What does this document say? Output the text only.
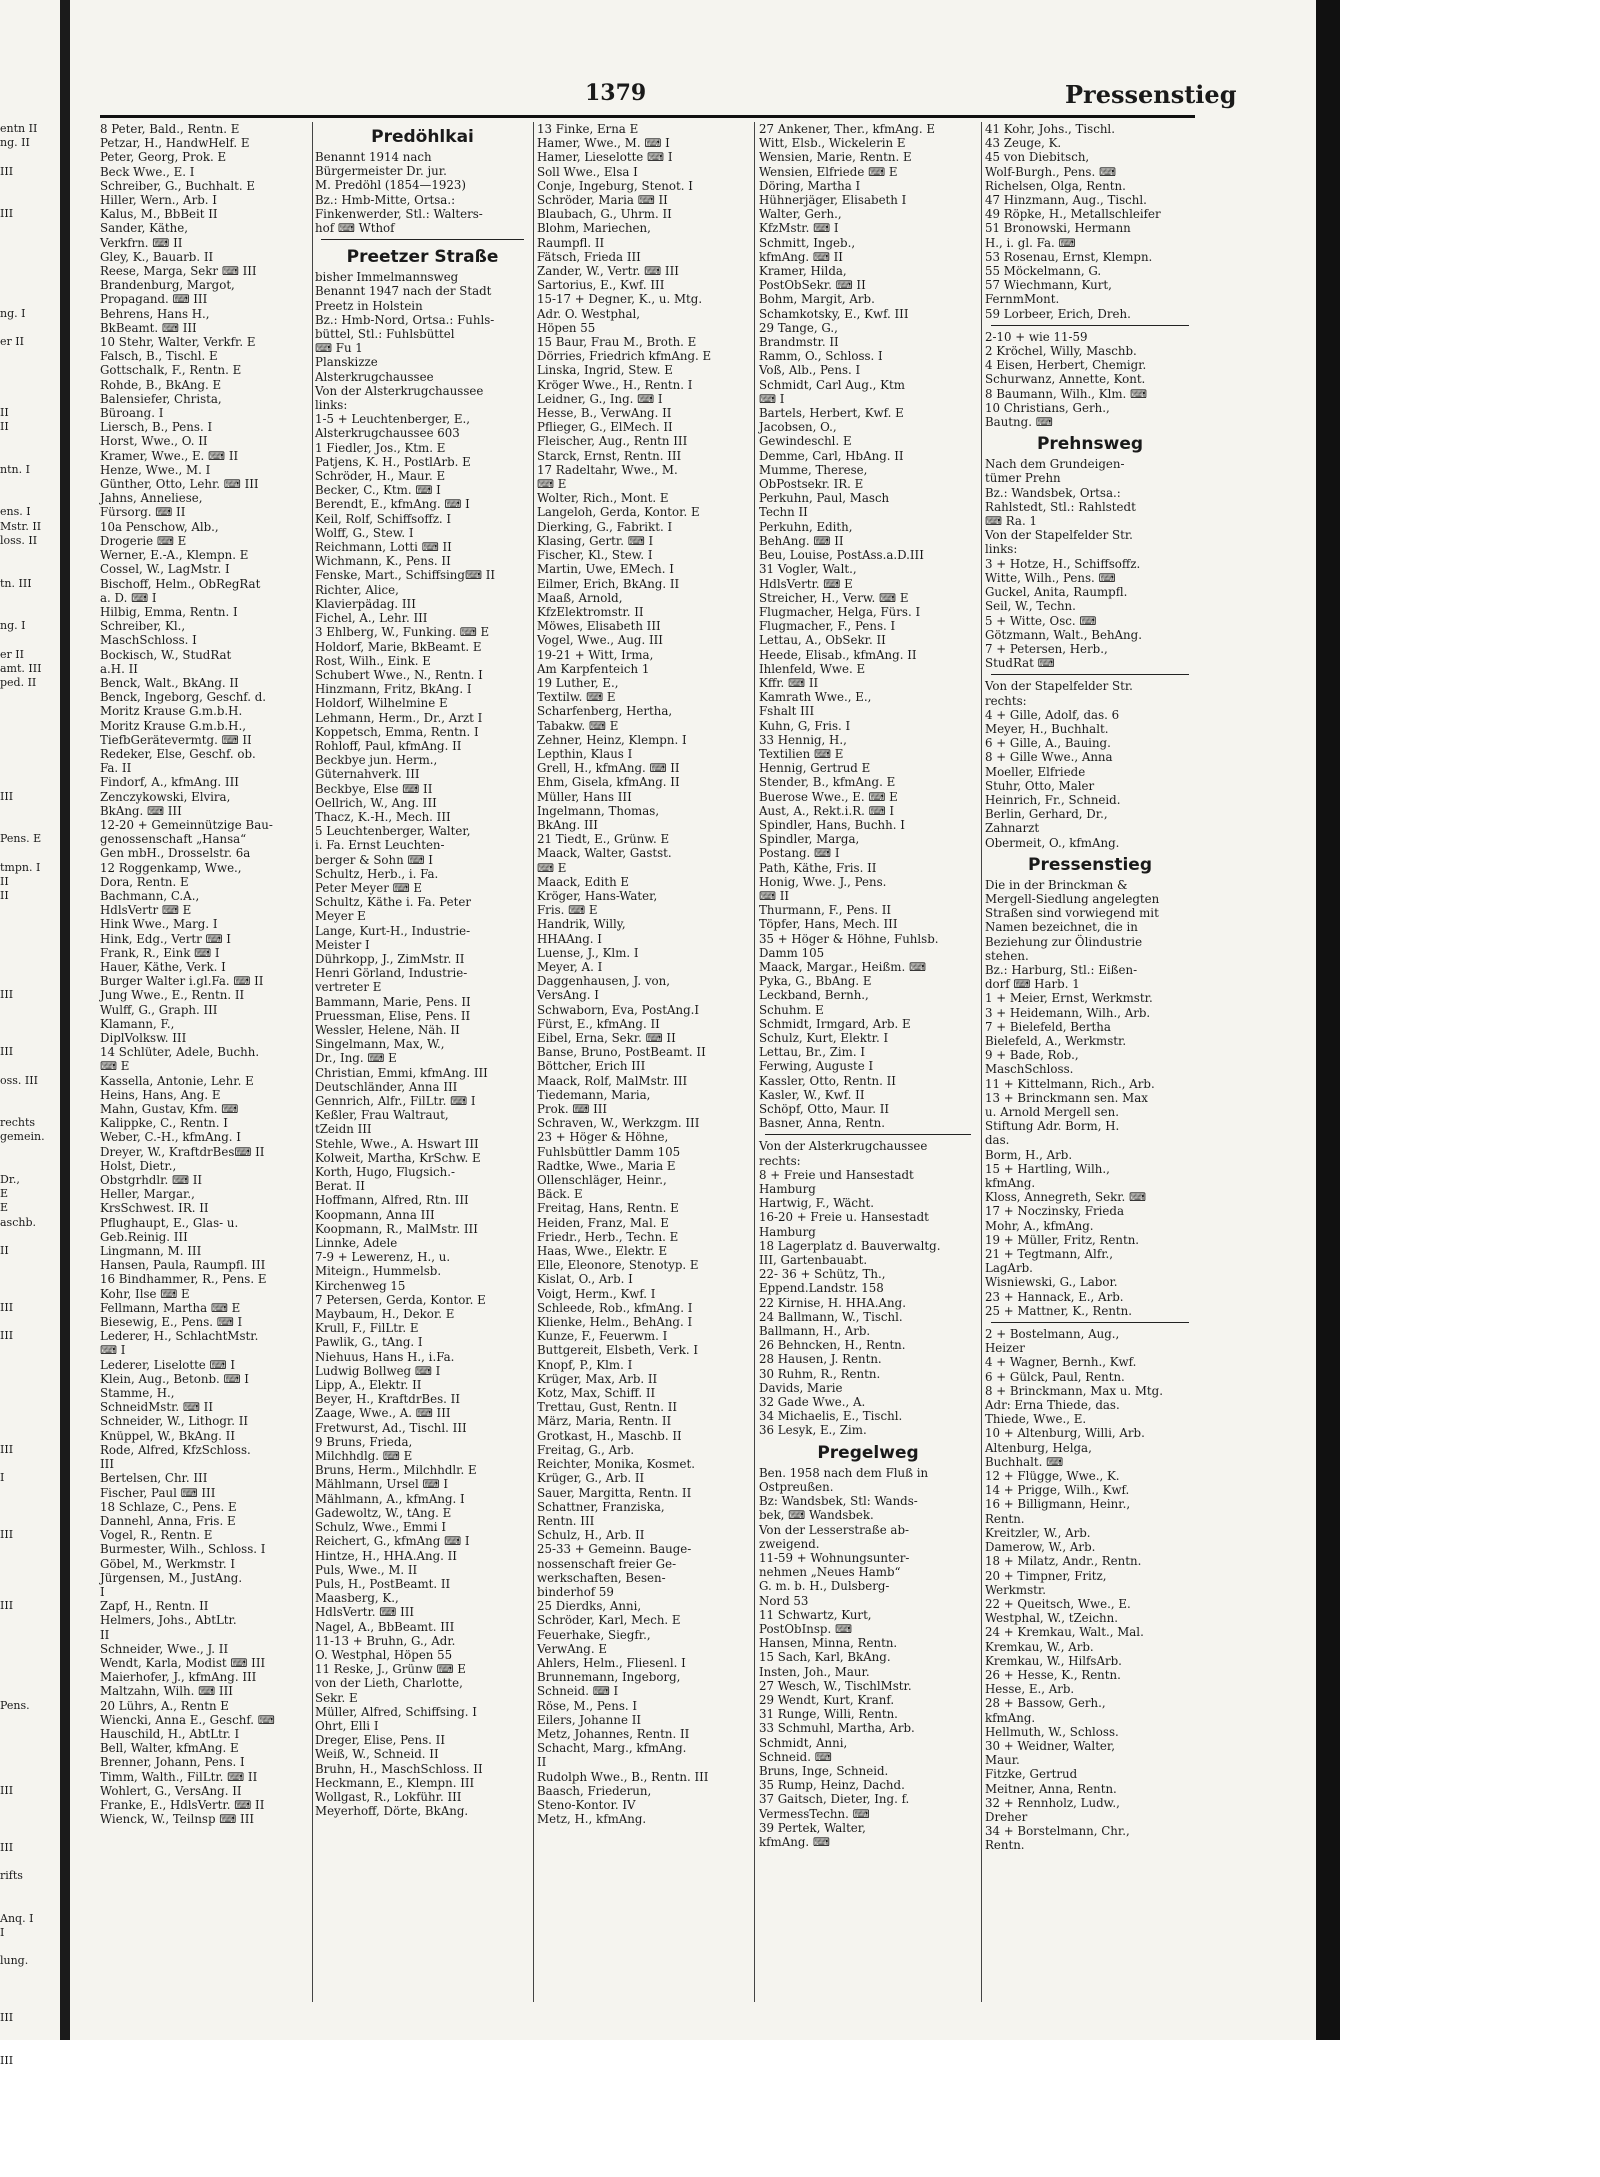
1379	Pressenstieg

entn II

ng. II

III

III

ng. I

er II

II

II

ntn. I

ens. I

Mstr. II

loss. II

tn. III

ng. I

er II

amt. III

ped. II

III

Pens. E

tmpn. I

II

II

III

III

oss. III

rechts

gemein.

Dr.,

E

E

aschb.

II

III

III

III

I

III

III

Pens.

III

III

rifts

Anq. I

I

lung.

III

III

8 Peter, Bald., Rentn. E

Petzar, H., HandwHelf. E

Peter, Georg, Prok. E

Beck Wwe., E. I

Schreiber, G., Buchhalt. E

Hiller, Wern., Arb. I

Kalus, M., BbBeit II

Sander, Käthe,

Verkfrn. ⌨ II

Gley, K., Bauarb. II

Reese, Marga, Sekr ⌨ III

Brandenburg, Margot,

Propagand. ⌨ III

Behrens, Hans H.,

BkBeamt. ⌨ III

10 Stehr, Walter, Verkfr. E

Falsch, B., Tischl. E

Gottschalk, F., Rentn. E

Rohde, B., BkAng. E

Balensiefer, Christa,

Büroang. I

Liersch, B., Pens. I

Horst, Wwe., O. II

Kramer, Wwe., E. ⌨ II

Henze, Wwe., M. I

Günther, Otto, Lehr. ⌨ III

Jahns, Anneliese,

Fürsorg. ⌨ II

10a Penschow, Alb.,

Drogerie ⌨ E

Werner, E.-A., Klempn. E

Cossel, W., LagMstr. I

Bischoff, Helm., ObRegRat

a. D. ⌨ I

Hilbig, Emma, Rentn. I

Schreiber, Kl.,

MaschSchloss. I

Bockisch, W., StudRat

a.H. II

Benck, Walt., BkAng. II

Benck, Ingeborg, Geschf. d.

Moritz Krause G.m.b.H.

Moritz Krause G.m.b.H.,

TiefbGerätevermtg. ⌨ II

Redeker, Else, Geschf. ob.

Fa. II

Findorf, A., kfmAng. III

Zenczykowski, Elvira,

BkAng. ⌨ III

12-20 + Gemeinnützige Bau-

genossenschaft „Hansa“

Gen mbH., Drosselstr. 6a

12 Roggenkamp, Wwe.,

Dora, Rentn. E

Bachmann, C.A.,

HdlsVertr ⌨ E

Hink Wwe., Marg. I

Hink, Edg., Vertr ⌨ I

Frank, R., Eink ⌨ I

Hauer, Käthe, Verk. I

Burger Walter i.gl.Fa. ⌨ II

Jung Wwe., E., Rentn. II

Wulff, G., Graph. III

Klamann, F.,

DiplVolksw. III

14 Schlüter, Adele, Buchh.

⌨ E

Kassella, Antonie, Lehr. E

Heins, Hans, Ang. E

Mahn, Gustav, Kfm. ⌨

Kalippke, C., Rentn. I

Weber, C.-H., kfmAng. I

Dreyer, W., KraftdrBes⌨ II

Holst, Dietr.,

Obstgrhdlr. ⌨ II

Heller, Margar.,

KrsSchwest. IR. II

Pflughaupt, E., Glas- u.

Geb.Reinig. III

Lingmann, M. III

Hansen, Paula, Raumpfl. III

16 Bindhammer, R., Pens. E

Kohr, Ilse ⌨ E

Fellmann, Martha ⌨ E

Biesewig, E., Pens. ⌨ I

Lederer, H., SchlachtMstr.

⌨ I

Lederer, Liselotte ⌨ I

Klein, Aug., Betonb. ⌨ I

Stamme, H.,

SchneidMstr. ⌨ II

Schneider, W., Lithogr. II

Knüppel, W., BkAng. II

Rode, Alfred, KfzSchloss.

III

Bertelsen, Chr. III

Fischer, Paul ⌨ III

18 Schlaze, C., Pens. E

Dannehl, Anna, Fris. E

Vogel, R., Rentn. E

Burmester, Wilh., Schloss. I

Göbel, M., Werkmstr. I

Jürgensen, M., JustAng.

I

Zapf, H., Rentn. II

Helmers, Johs., AbtLtr.

II

Schneider, Wwe., J. II

Wendt, Karla, Modist ⌨ III

Maierhofer, J., kfmAng. III

Maltzahn, Wilh. ⌨ III

20 Lührs, A., Rentn E

Wiencki, Anna E., Geschf. ⌨

Hauschild, H., AbtLtr. I

Bell, Walter, kfmAng. E

Brenner, Johann, Pens. I

Timm, Walth., FilLtr. ⌨ II

Wohlert, G., VersAng. II

Franke, E., HdlsVertr. ⌨ II

Wienck, W., Teilnsp ⌨ III

Predöhlkai

Benannt 1914 nach

Bürgermeister Dr. jur.

M. Predöhl (1854—1923)

Bz.: Hmb-Mitte, Ortsa.:

Finkenwerder, Stl.: Walters-

hof ⌨ Wthof

Preetzer Straße

bisher Immelmannsweg

Benannt 1947 nach der Stadt

Preetz in Holstein

Bz.: Hmb-Nord, Ortsa.: Fuhls-

büttel, Stl.: Fuhlsbüttel

⌨ Fu 1

Planskizze

Alsterkrugchaussee

Von der Alsterkrugchaussee

links:

1-5 + Leuchtenberger, E.,

Alsterkrugchaussee 603

1 Fiedler, Jos., Ktm. E

Patjens, K. H., PostlArb. E

Schröder, H., Maur. E

Becker, C., Ktm. ⌨ I

Berendt, E., kfmAng. ⌨ I

Keil, Rolf, Schiffsoffz. I

Wolff, G., Stew. I

Reichmann, Lotti ⌨ II

Wichmann, K., Pens. II

Fenske, Mart., Schiffsing⌨ II

Richter, Alice,

Klavierpädag. III

Fichel, A., Lehr. III

3 Ehlberg, W., Funking. ⌨ E

Holdorf, Marie, BkBeamt. E

Rost, Wilh., Eink. E

Schubert Wwe., N., Rentn. I

Hinzmann, Fritz, BkAng. I

Holdorf, Wilhelmine E

Lehmann, Herm., Dr., Arzt I

Koppetsch, Emma, Rentn. I

Rohloff, Paul, kfmAng. II

Beckbye jun. Herm.,

Güternahverk. III

Beckbye, Else ⌨ II

Oellrich, W., Ang. III

Thacz, K.-H., Mech. III

5 Leuchtenberger, Walter,

i. Fa. Ernst Leuchten-

berger & Sohn ⌨ I

Schultz, Herb., i. Fa.

Peter Meyer ⌨ E

Schultz, Käthe i. Fa. Peter

Meyer E

Lange, Kurt-H., Industrie-

Meister I

Dührkopp, J., ZimMstr. II

Henri Görland, Industrie-

vertreter E

Bammann, Marie, Pens. II

Pruessman, Elise, Pens. II

Wessler, Helene, Näh. II

Singelmann, Max, W.,

Dr., Ing. ⌨ E

Christian, Emmi, kfmAng. III

Deutschländer, Anna III

Gennrich, Alfr., FilLtr. ⌨ I

Keßler, Frau Waltraut,

tZeidn III

Stehle, Wwe., A. Hswart III

Kolweit, Martha, KrSchw. E

Korth, Hugo, Flugsich.-

Berat. II

Hoffmann, Alfred, Rtn. III

Koopmann, Anna III

Koopmann, R., MalMstr. III

Linnke, Adele

7-9 + Lewerenz, H., u.

Miteign., Hummelsb.

Kirchenweg 15

7 Petersen, Gerda, Kontor. E

Maybaum, H., Dekor. E

Krull, F., FilLtr. E

Pawlik, G., tAng. I

Niehuus, Hans H., i.Fa.

Ludwig Bollweg ⌨ I

Lipp, A., Elektr. II

Beyer, H., KraftdrBes. II

Zaage, Wwe., A. ⌨ III

Fretwurst, Ad., Tischl. III

9 Bruns, Frieda,

Milchhdlg. ⌨ E

Bruns, Herm., Milchhdlr. E

Mählmann, Ursel ⌨ I

Mählmann, A., kfmAng. I

Gadewoltz, W., tAng. E

Schulz, Wwe., Emmi I

Reichert, G., kfmAng ⌨ I

Hintze, H., HHA.Ang. II

Puls, Wwe., M. II

Puls, H., PostBeamt. II

Maasberg, K.,

HdlsVertr. ⌨ III

Nagel, A., BbBeamt. III

11-13 + Bruhn, G., Adr.

O. Westphal, Höpen 55

11 Reske, J., Grünw ⌨ E

von der Lieth, Charlotte,

Sekr. E

Müller, Alfred, Schiffsing. I

Ohrt, Elli I

Dreger, Elise, Pens. II

Weiß, W., Schneid. II

Bruhn, H., MaschSchloss. II

Heckmann, E., Klempn. III

Wollgast, R., Lokführ. III

Meyerhoff, Dörte, BkAng.

13 Finke, Erna E

Hamer, Wwe., M. ⌨ I

Hamer, Lieselotte ⌨ I

Soll Wwe., Elsa I

Conje, Ingeburg, Stenot. I

Schröder, Maria ⌨ II

Blaubach, G., Uhrm. II

Blohm, Mariechen,

Raumpfl. II

Fätsch, Frieda III

Zander, W., Vertr. ⌨ III

Sartorius, E., Kwf. III

15-17 + Degner, K., u. Mtg.

Adr. O. Westphal,

Höpen 55

15 Baur, Frau M., Broth. E

Dörries, Friedrich kfmAng. E

Linska, Ingrid, Stew. E

Kröger Wwe., H., Rentn. I

Leidner, G., Ing. ⌨ I

Hesse, B., VerwAng. II

Pflieger, G., ElMech. II

Fleischer, Aug., Rentn III

Starck, Ernst, Rentn. III

17 Radeltahr, Wwe., M.

⌨ E

Wolter, Rich., Mont. E

Langeloh, Gerda, Kontor. E

Dierking, G., Fabrikt. I

Klasing, Gertr. ⌨ I

Fischer, Kl., Stew. I

Martin, Uwe, EMech. I

Eilmer, Erich, BkAng. II

Maaß, Arnold,

KfzElektromstr. II

Möwes, Elisabeth III

Vogel, Wwe., Aug. III

19-21 + Witt, Irma,

Am Karpfenteich 1

19 Luther, E.,

Textilw. ⌨ E

Scharfenberg, Hertha,

Tabakw. ⌨ E

Zehner, Heinz, Klempn. I

Lepthin, Klaus I

Grell, H., kfmAng. ⌨ II

Ehm, Gisela, kfmAng. II

Müller, Hans III

Ingelmann, Thomas,

BkAng. III

21 Tiedt, E., Grünw. E

Maack, Walter, Gastst.

⌨ E

Maack, Edith E

Kröger, Hans-Water,

Fris. ⌨ E

Handrik, Willy,

HHAAng. I

Luense, J., Klm. I

Meyer, A. I

Daggenhausen, J. von,

VersAng. I

Schwaborn, Eva, PostAng.I

Fürst, E., kfmAng. II

Eibel, Erna, Sekr. ⌨ II

Banse, Bruno, PostBeamt. II

Böttcher, Erich III

Maack, Rolf, MalMstr. III

Tiedemann, Maria,

Prok. ⌨ III

Schraven, W., Werkzgm. III

23 + Höger & Höhne,

Fuhlsbüttler Damm 105

Radtke, Wwe., Maria E

Ollenschläger, Heinr.,

Bäck. E

Freitag, Hans, Rentn. E

Heiden, Franz, Mal. E

Friedr., Herb., Techn. E

Haas, Wwe., Elektr. E

Elle, Eleonore, Stenotyp. E

Kislat, O., Arb. I

Voigt, Herm., Kwf. I

Schleede, Rob., kfmAng. I

Klienke, Helm., BehAng. I

Kunze, F., Feuerwm. I

Buttgereit, Elsbeth, Verk. I

Knopf, P., Klm. I

Krüger, Max, Arb. II

Kotz, Max, Schiff. II

Trettau, Gust, Rentn. II

März, Maria, Rentn. II

Grotkast, H., Maschb. II

Freitag, G., Arb.

Reichter, Monika, Kosmet.

Krüger, G., Arb. II

Sauer, Margitta, Rentn. II

Schattner, Franziska,

Rentn. III

Schulz, H., Arb. II

25-33 + Gemeinn. Bauge-

nossenschaft freier Ge-

werkschaften, Besen-

binderhof 59

25 Dierdks, Anni,

Schröder, Karl, Mech. E

Feuerhake, Siegfr.,

VerwAng. E

Ahlers, Helm., Fliesenl. I

Brunnemann, Ingeborg,

Schneid. ⌨ I

Röse, M., Pens. I

Eilers, Johanne II

Metz, Johannes, Rentn. II

Schacht, Marg., kfmAng.

II

Rudolph Wwe., B., Rentn. III

Baasch, Friederun,

Steno-Kontor. IV

Metz, H., kfmAng.

27 Ankener, Ther., kfmAng. E

Witt, Elsb., Wickelerin E

Wensien, Marie, Rentn. E

Wensien, Elfriede ⌨ E

Döring, Martha I

Hühnerjäger, Elisabeth I

Walter, Gerh.,

KfzMstr. ⌨ I

Schmitt, Ingeb.,

kfmAng. ⌨ II

Kramer, Hilda,

PostObSekr. ⌨ II

Bohm, Margit, Arb.

Schamkotsky, E., Kwf. III

29 Tange, G.,

Brandmstr. II

Ramm, O., Schloss. I

Voß, Alb., Pens. I

Schmidt, Carl Aug., Ktm

⌨ I

Bartels, Herbert, Kwf. E

Jacobsen, O.,

Gewindeschl. E

Demme, Carl, HbAng. II

Mumme, Therese,

ObPostsekr. IR. E

Perkuhn, Paul, Masch

Techn II

Perkuhn, Edith,

BehAng. ⌨ II

Beu, Louise, PostAss.a.D.III

31 Vogler, Walt.,

HdlsVertr. ⌨ E

Streicher, H., Verw. ⌨ E

Flugmacher, Helga, Fürs. I

Flugmacher, F., Pens. I

Lettau, A., ObSekr. II

Heede, Elisab., kfmAng. II

Ihlenfeld, Wwe. E

Kffr. ⌨ II

Kamrath Wwe., E.,

Fshalt III

Kuhn, G, Fris. I

33 Hennig, H.,

Textilien ⌨ E

Hennig, Gertrud E

Stender, B., kfmAng. E

Buerose Wwe., E. ⌨ E

Aust, A., Rekt.i.R. ⌨ I

Spindler, Hans, Buchh. I

Spindler, Marga,

Postang. ⌨ I

Path, Käthe, Fris. II

Honig, Wwe. J., Pens.

⌨ II

Thurmann, F., Pens. II

Töpfer, Hans, Mech. III

35 + Höger & Höhne, Fuhlsb.

Damm 105

Maack, Margar., Heißm. ⌨

Pyka, G., BbAng. E

Leckband, Bernh.,

Schuhm. E

Schmidt, Irmgard, Arb. E

Schulz, Kurt, Elektr. I

Lettau, Br., Zim. I

Ferwing, Auguste I

Kassler, Otto, Rentn. II

Kasler, W., Kwf. II

Schöpf, Otto, Maur. II

Basner, Anna, Rentn.

Von der Alsterkrugchaussee

rechts:

8 + Freie und Hansestadt

Hamburg

Hartwig, F., Wächt.

16-20 + Freie u. Hansestadt

Hamburg

18 Lagerplatz d. Bauverwaltg.

III, Gartenbauabt.

22- 36 + Schütz, Th.,

Eppend.Landstr. 158

22 Kirnise, H. HHA.Ang.

24 Ballmann, W., Tischl.

Ballmann, H., Arb.

26 Behncken, H., Rentn.

28 Hausen, J. Rentn.

30 Ruhm, R., Rentn.

Davids, Marie

32 Gade Wwe., A.

34 Michaelis, E., Tischl.

36 Lesyk, E., Zim.

Pregelweg

Ben. 1958 nach dem Fluß in

Ostpreußen.

Bz: Wandsbek, Stl: Wands-

bek, ⌨ Wandsbek.

Von der Lesserstraße ab-

zweigend.

11-59 + Wohnungsunter-

nehmen „Neues Hamb“

G. m. b. H., Dulsberg-

Nord 53

11 Schwartz, Kurt,

PostObInsp. ⌨

Hansen, Minna, Rentn.

15 Sach, Karl, BkAng.

Insten, Joh., Maur.

27 Wesch, W., TischlMstr.

29 Wendt, Kurt, Kranf.

31 Runge, Willi, Rentn.

33 Schmuhl, Martha, Arb.

Schmidt, Anni,

Schneid. ⌨

Bruns, Inge, Schneid.

35 Rump, Heinz, Dachd.

37 Gaitsch, Dieter, Ing. f.

VermessTechn. ⌨

39 Pertek, Walter,

kfmAng. ⌨

41 Kohr, Johs., Tischl.

43 Zeuge, K.

45 von Diebitsch,

Wolf-Burgh., Pens. ⌨

Richelsen, Olga, Rentn.

47 Hinzmann, Aug., Tischl.

49 Röpke, H., Metallschleifer

51 Bronowski, Hermann

H., i. gl. Fa. ⌨

53 Rosenau, Ernst, Klempn.

55 Möckelmann, G.

57 Wiechmann, Kurt,

FernmMont.

59 Lorbeer, Erich, Dreh.

2-10 + wie 11-59

2 Kröchel, Willy, Maschb.

4 Eisen, Herbert, Chemigr.

Schurwanz, Annette, Kont.

8 Baumann, Wilh., Klm. ⌨

10 Christians, Gerh.,

Bautng. ⌨

Prehnsweg

Nach dem Grundeigen-

tümer Prehn

Bz.: Wandsbek, Ortsa.:

Rahlstedt, Stl.: Rahlstedt

⌨ Ra. 1

Von der Stapelfelder Str.

links:

3 + Hotze, H., Schiffsoffz.

Witte, Wilh., Pens. ⌨

Guckel, Anita, Raumpfl.

Seil, W., Techn.

5 + Witte, Osc. ⌨

Götzmann, Walt., BehAng.

7 + Petersen, Herb.,

StudRat ⌨

Von der Stapelfelder Str.

rechts:

4 + Gille, Adolf, das. 6

Meyer, H., Buchhalt.

6 + Gille, A., Bauing.

8 + Gille Wwe., Anna

Moeller, Elfriede

Stuhr, Otto, Maler

Heinrich, Fr., Schneid.

Berlin, Gerhard, Dr.,

Zahnarzt

Obermeit, O., kfmAng.

Pressenstieg

Die in der Brinckman &

Mergell-Siedlung angelegten

Straßen sind vorwiegend mit

Namen bezeichnet, die in

Beziehung zur Ölindustrie

stehen.

Bz.: Harburg, Stl.: Eißen-

dorf ⌨ Harb. 1

1 + Meier, Ernst, Werkmstr.

3 + Heidemann, Wilh., Arb.

7 + Bielefeld, Bertha

Bielefeld, A., Werkmstr.

9 + Bade, Rob.,

MaschSchloss.

11 + Kittelmann, Rich., Arb.

13 + Brinckmann sen. Max

u. Arnold Mergell sen.

Stiftung Adr. Borm, H.

das.

Borm, H., Arb.

15 + Hartling, Wilh.,

kfmAng.

Kloss, Annegreth, Sekr. ⌨

17 + Noczinsky, Frieda

Mohr, A., kfmAng.

19 + Müller, Fritz, Rentn.

21 + Tegtmann, Alfr.,

LagArb.

Wisniewski, G., Labor.

23 + Hannack, E., Arb.

25 + Mattner, K., Rentn.

2 + Bostelmann, Aug.,

Heizer

4 + Wagner, Bernh., Kwf.

6 + Gülck, Paul, Rentn.

8 + Brinckmann, Max u. Mtg.

Adr: Erna Thiede, das.

Thiede, Wwe., E.

10 + Altenburg, Willi, Arb.

Altenburg, Helga,

Buchhalt. ⌨

12 + Flügge, Wwe., K.

14 + Prigge, Wilh., Kwf.

16 + Billigmann, Heinr.,

Rentn.

Kreitzler, W., Arb.

Damerow, W., Arb.

18 + Milatz, Andr., Rentn.

20 + Timpner, Fritz,

Werkmstr.

22 + Queitsch, Wwe., E.

Westphal, W., tZeichn.

24 + Kremkau, Walt., Mal.

Kremkau, W., Arb.

Kremkau, W., HilfsArb.

26 + Hesse, K., Rentn.

Hesse, E., Arb.

28 + Bassow, Gerh.,

kfmAng.

Hellmuth, W., Schloss.

30 + Weidner, Walter,

Maur.

Fitzke, Gertrud

Meitner, Anna, Rentn.

32 + Rennholz, Ludw.,

Dreher

34 + Borstelmann, Chr.,

Rentn.
